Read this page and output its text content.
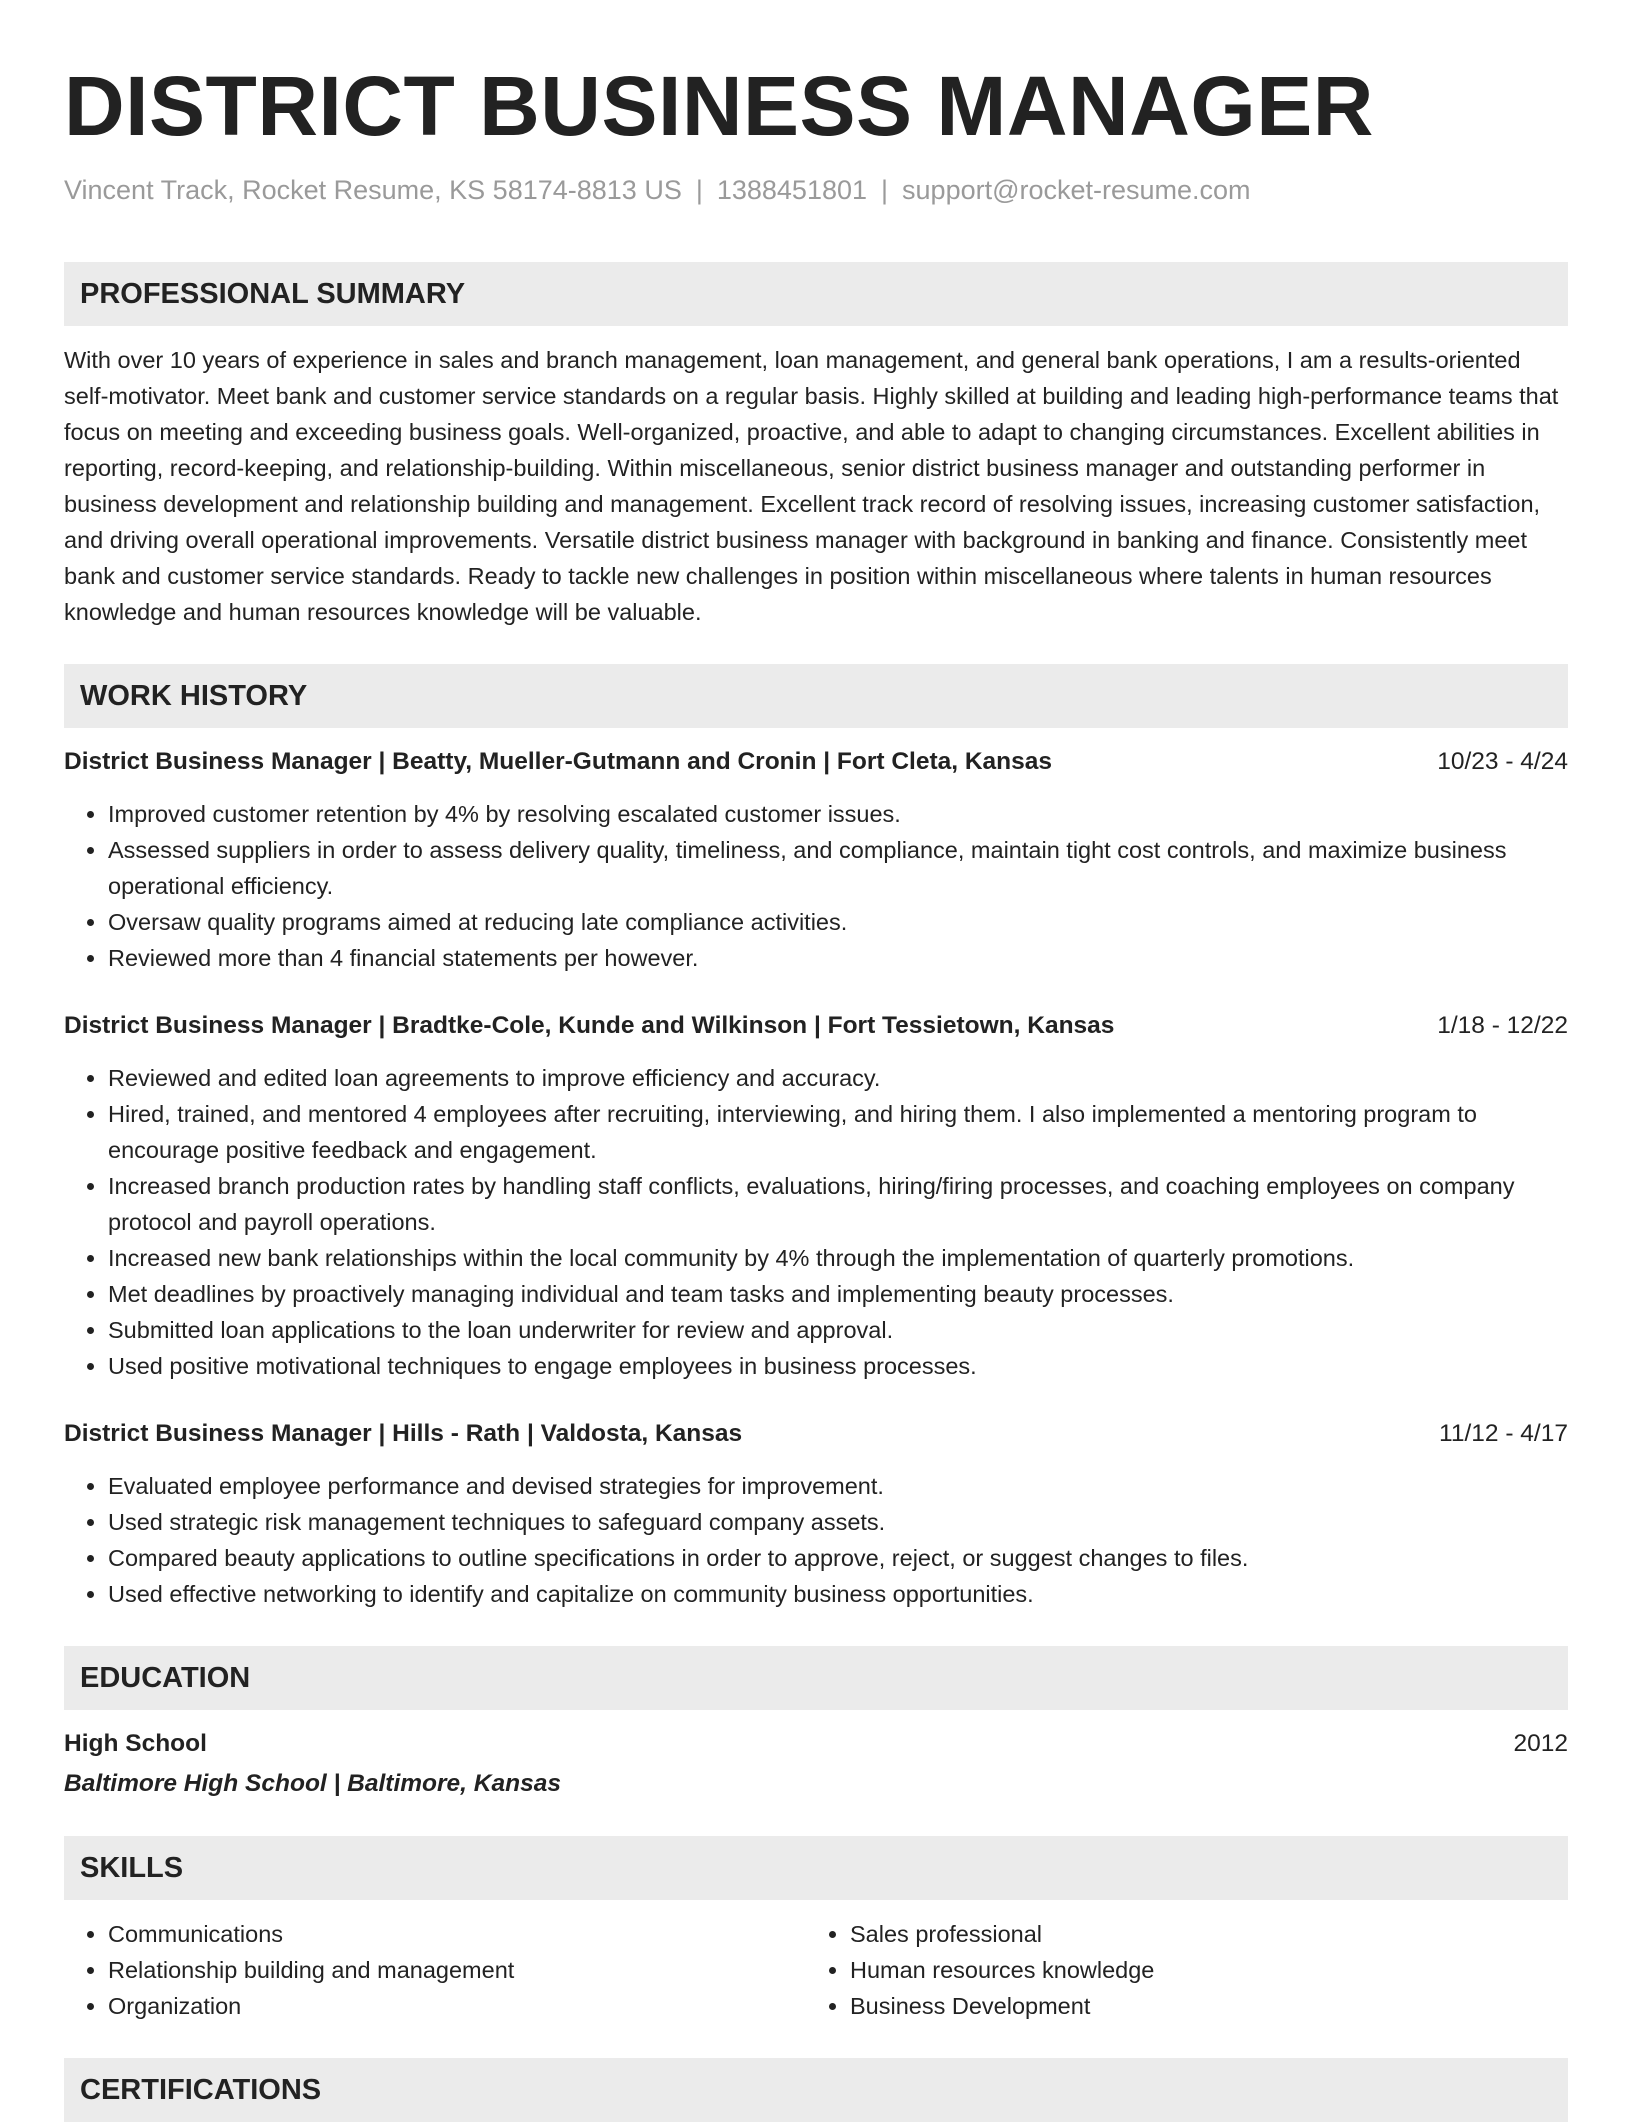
DISTRICT BUSINESS MANAGER
Vincent Track, Rocket Resume, KS 58174-8813 US | 1388451801 | support@rocket-resume.com
PROFESSIONAL SUMMARY
With over 10 years of experience in sales and branch management, loan management, and general bank operations, I am a results-oriented self-motivator. Meet bank and customer service standards on a regular basis. Highly skilled at building and leading high-performance teams that focus on meeting and exceeding business goals. Well-organized, proactive, and able to adapt to changing circumstances. Excellent abilities in reporting, record-keeping, and relationship-building. Within miscellaneous, senior district business manager and outstanding performer in business development and relationship building and management. Excellent track record of resolving issues, increasing customer satisfaction, and driving overall operational improvements. Versatile district business manager with background in banking and finance. Consistently meet bank and customer service standards. Ready to tackle new challenges in position within miscellaneous where talents in human resources knowledge and human resources knowledge will be valuable.
WORK HISTORY
District Business Manager | Beatty, Mueller-Gutmann and Cronin | Fort Cleta, Kansas	10/23 - 4/24
• Improved customer retention by 4% by resolving escalated customer issues.
• Assessed suppliers in order to assess delivery quality, timeliness, and compliance, maintain tight cost controls, and maximize business operational efficiency.
• Oversaw quality programs aimed at reducing late compliance activities.
• Reviewed more than 4 financial statements per however.
District Business Manager | Bradtke-Cole, Kunde and Wilkinson | Fort Tessietown, Kansas	1/18 - 12/22
• Reviewed and edited loan agreements to improve efficiency and accuracy.
• Hired, trained, and mentored 4 employees after recruiting, interviewing, and hiring them. I also implemented a mentoring program to encourage positive feedback and engagement.
• Increased branch production rates by handling staff conflicts, evaluations, hiring/firing processes, and coaching employees on company protocol and payroll operations.
• Increased new bank relationships within the local community by 4% through the implementation of quarterly promotions.
• Met deadlines by proactively managing individual and team tasks and implementing beauty processes.
• Submitted loan applications to the loan underwriter for review and approval.
• Used positive motivational techniques to engage employees in business processes.
District Business Manager | Hills - Rath | Valdosta, Kansas	11/12 - 4/17
• Evaluated employee performance and devised strategies for improvement.
• Used strategic risk management techniques to safeguard company assets.
• Compared beauty applications to outline specifications in order to approve, reject, or suggest changes to files.
• Used effective networking to identify and capitalize on community business opportunities.
EDUCATION
High School	2012
Baltimore High School | Baltimore, Kansas
SKILLS
• Communications
• Relationship building and management
• Organization
• Sales professional
• Human resources knowledge
• Business Development
CERTIFICATIONS
